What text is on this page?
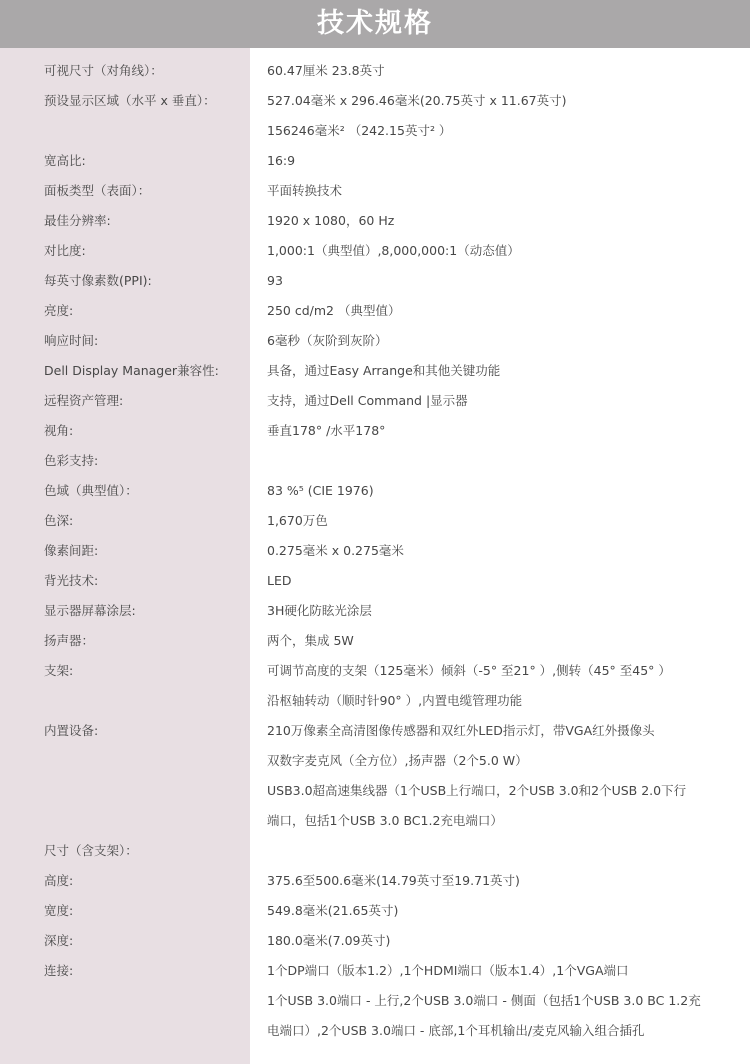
技术规格
可视尺寸（对角线）：	60.47厘米 23.8英寸
预设显示区域（水平 x 垂直）：	527.04毫米 x 296.46毫米(20.75英寸 x 11.67英寸)
156246毫米² （242.15英寸² ）
宽高比:	16:9
面板类型（表面）：	平面转换技术
最佳分辨率:	1920 x 1080，60 Hz
对比度:	1,000:1（典型值）,8,000,000:1（动态值）
每英寸像素数(PPI):	93
亮度:	250 cd/m2 （典型值）
响应时间:	6毫秒（灰阶到灰阶）
Dell Display Manager兼容性:	具备，通过Easy Arrange和其他关键功能
远程资产管理:	支持，通过Dell Command |显示器
视角:	垂直178° /水平178°
色彩支持:
色域（典型值）：	83 %⁵ (CIE 1976)
色深:	1,670万色
像素间距:	0.275毫米 x 0.275毫米
背光技术:	LED
显示器屏幕涂层:	3H硬化防眩光涂层
扬声器：	两个，集成 5W
支架:	可调节高度的支架（125毫米）倾斜（-5° 至21° ）,侧转（45° 至45° ）
沿枢轴转动（顺时针90° ）,内置电缆管理功能
内置设备:	210万像素全高清图像传感器和双红外LED指示灯，带VGA红外摄像头
双数字麦克风（全方位）,扬声器（2个5.0 W）
USB3.0超高速集线器（1个USB上行端口，2个USB 3.0和2个USB 2.0下行
端口，包括1个USB 3.0 BC1.2充电端口）
尺寸（含支架）：
高度:	375.6至500.6毫米(14.79英寸至19.71英寸)
宽度:	549.8毫米(21.65英寸)
深度:	180.0毫米(7.09英寸)
连接:	1个DP端口（版本1.2）,1个HDMI端口（版本1.4）,1个VGA端口
1个USB 3.0端口 - 上行,2个USB 3.0端口 - 侧面（包括1个USB 3.0 BC 1.2充
电端口）,2个USB 3.0端口 - 底部,1个耳机输出/麦克风输入组合插孔
